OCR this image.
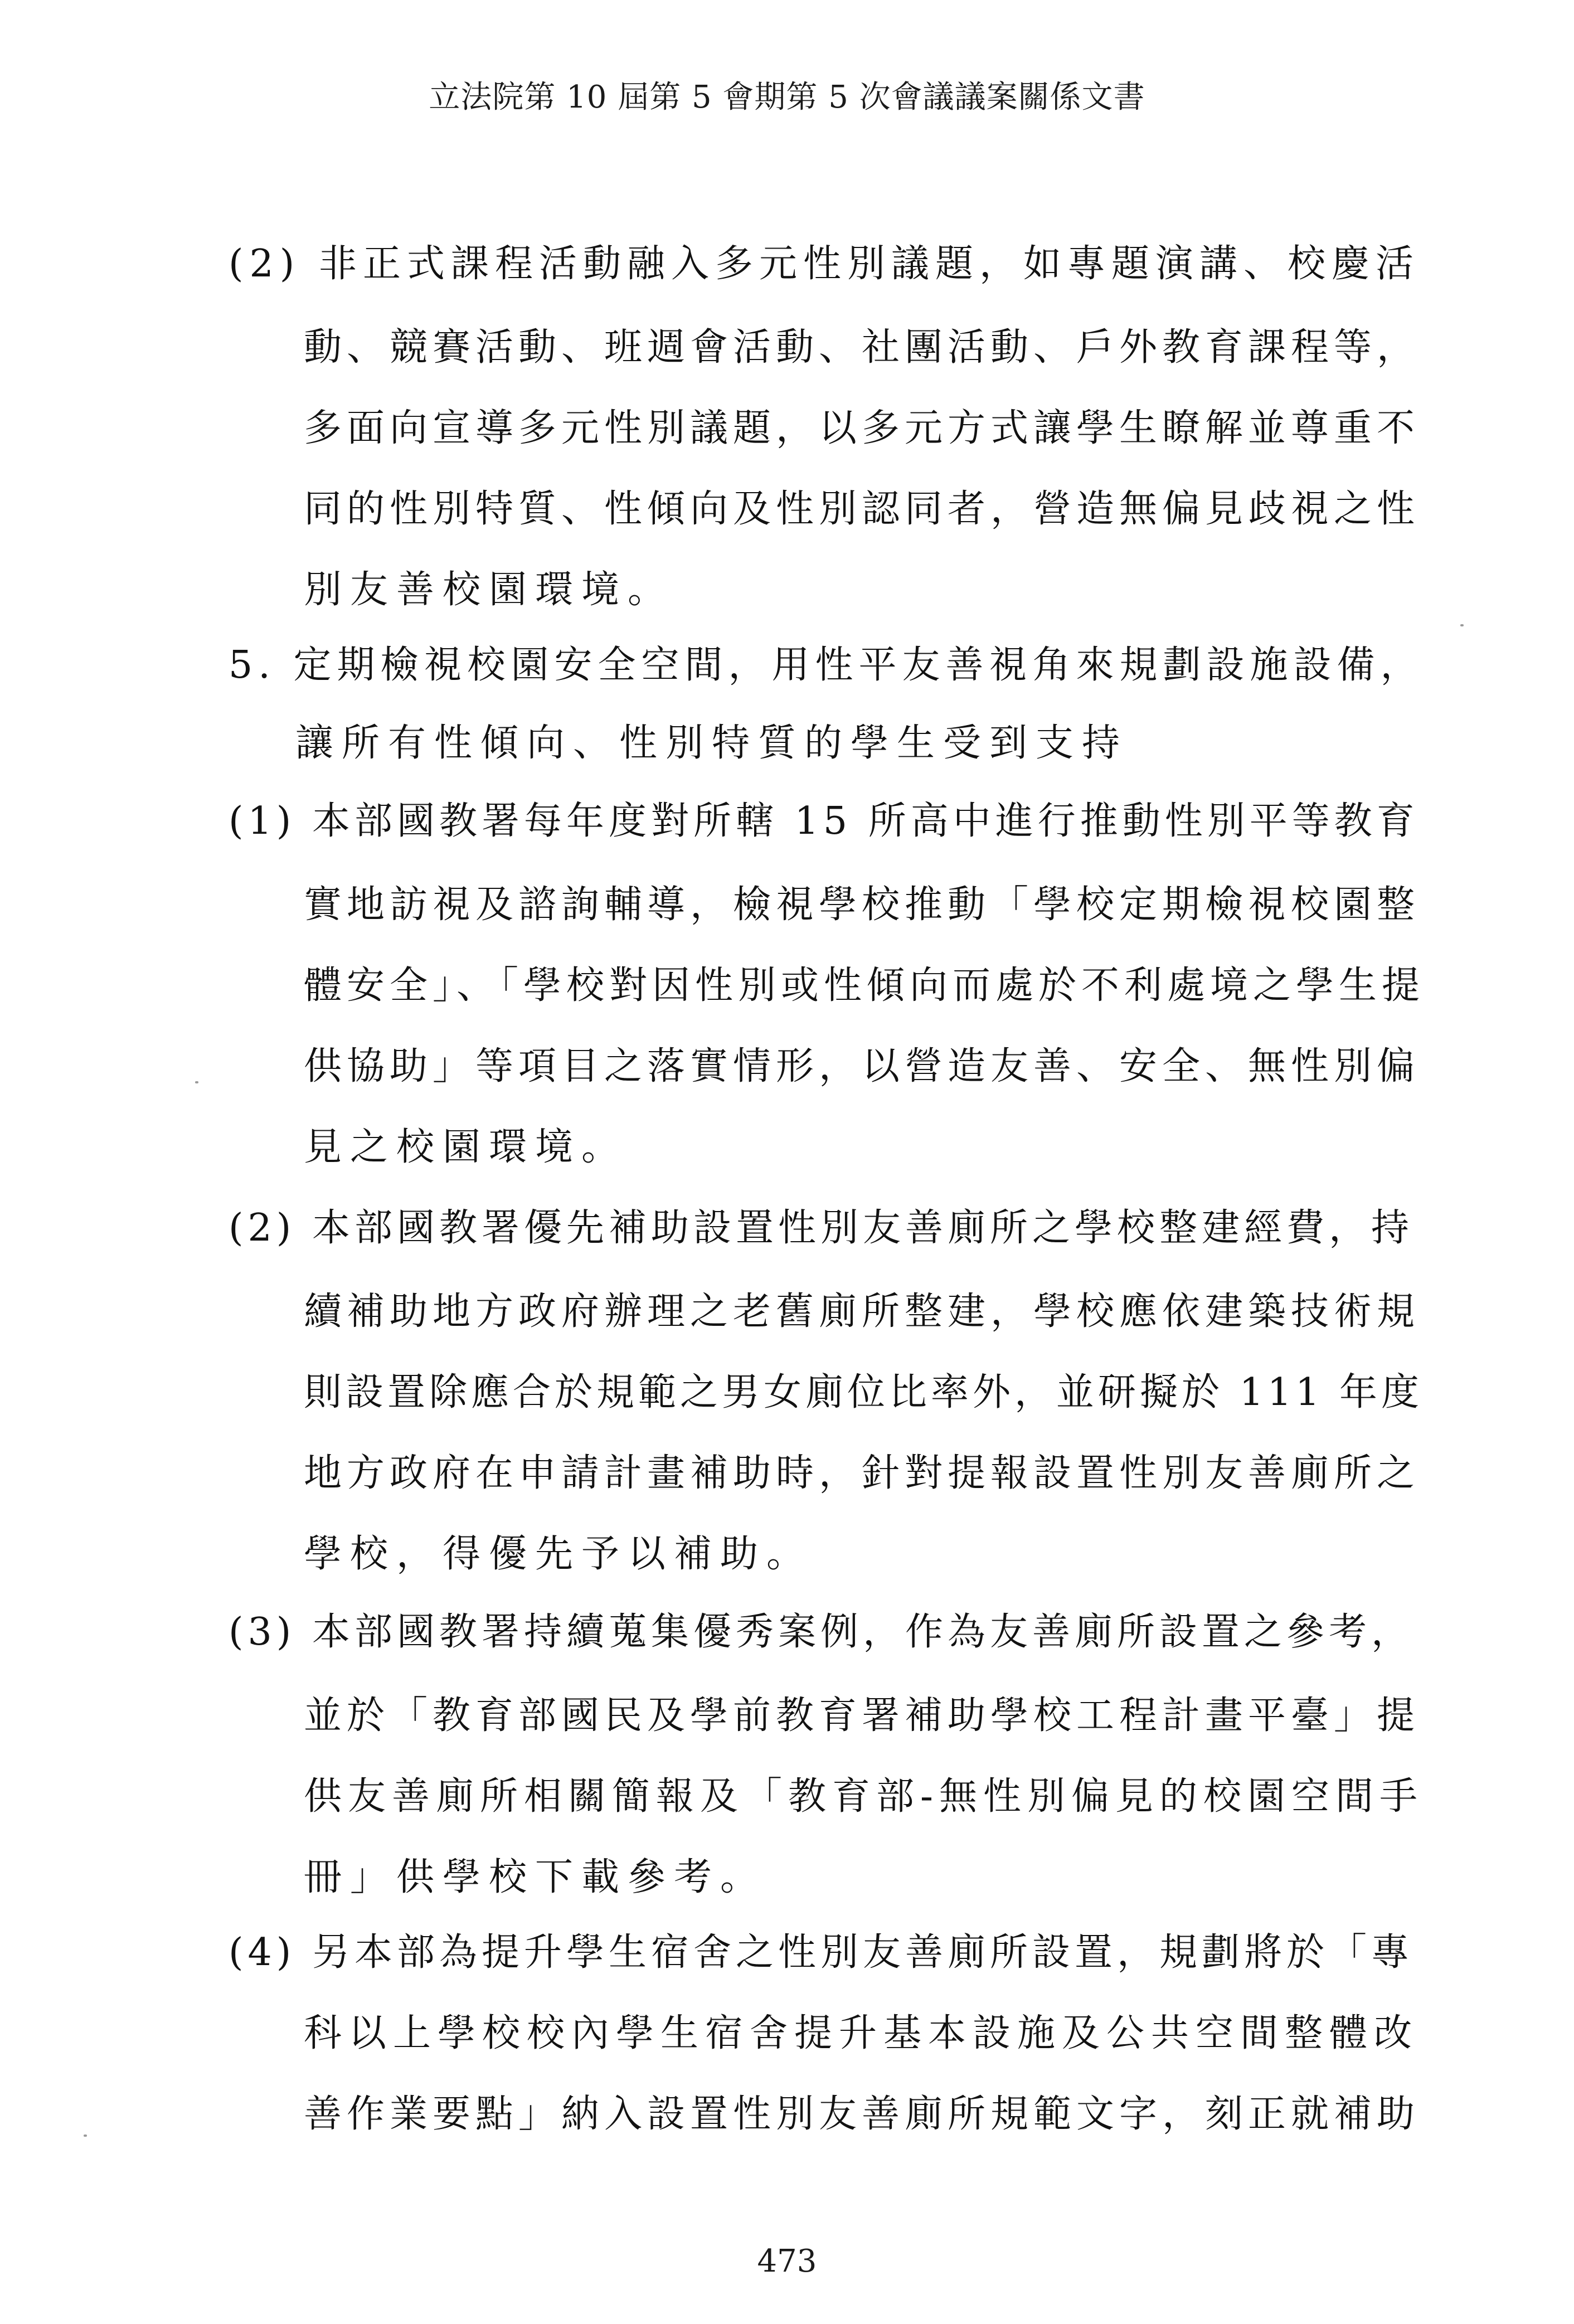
立法院第 10 屆第 5 會期第 5 次會議議案關係文書
(2) 非正式課程活動融入多元性別議題，如專題演講、校慶活
動、競賽活動、班週會活動、社團活動、戶外教育課程等，
多面向宣導多元性別議題，以多元方式讓學生瞭解並尊重不
同的性別特質、性傾向及性別認同者，營造無偏見歧視之性
別友善校園環境。
5. 定期檢視校園安全空間，用性平友善視角來規劃設施設備，
讓所有性傾向、性別特質的學生受到支持
(1) 本部國教署每年度對所轄 15 所高中進行推動性別平等教育
實地訪視及諮詢輔導，檢視學校推動「學校定期檢視校園整
體安全」、「學校對因性別或性傾向而處於不利處境之學生提
供協助」等項目之落實情形，以營造友善、安全、無性別偏
見之校園環境。
(2) 本部國教署優先補助設置性別友善廁所之學校整建經費，持
續補助地方政府辦理之老舊廁所整建，學校應依建築技術規
則設置除應合於規範之男女廁位比率外，並研擬於 111 年度
地方政府在申請計畫補助時，針對提報設置性別友善廁所之
學校，得優先予以補助。
(3) 本部國教署持續蒐集優秀案例，作為友善廁所設置之參考，
並於「教育部國民及學前教育署補助學校工程計畫平臺」提
供友善廁所相關簡報及「教育部-無性別偏見的校園空間手
冊」供學校下載參考。
(4) 另本部為提升學生宿舍之性別友善廁所設置，規劃將於「專
科以上學校校內學生宿舍提升基本設施及公共空間整體改
善作業要點」納入設置性別友善廁所規範文字，刻正就補助
473
